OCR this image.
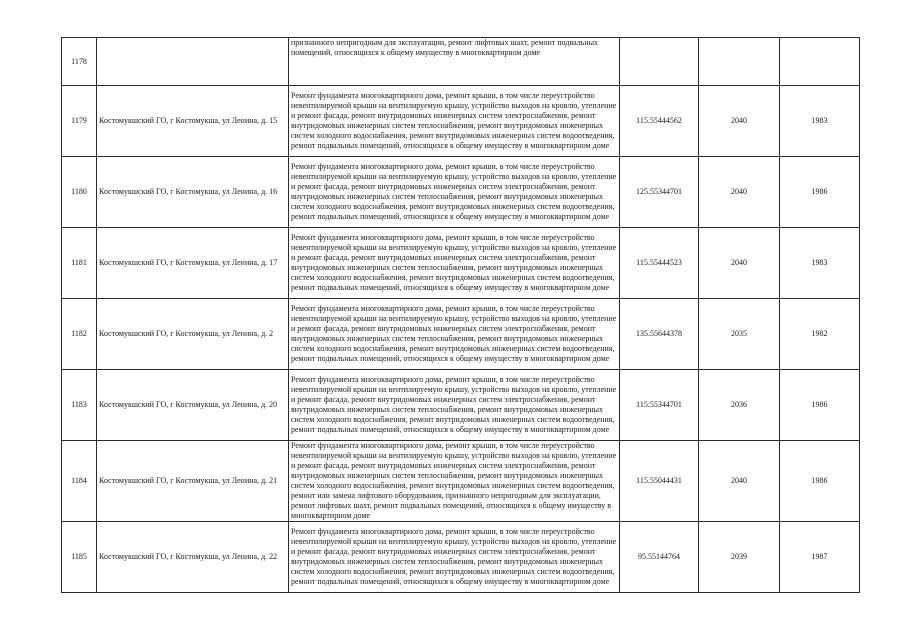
1178		признанного непригодным для эксплуатации, ремонт лифтовых шахт, ремонт подвальных помещений, относящихся к общему имуществу в многоквартирном доме			
1179	Костомукшский ГО, г Костомукша, ул Ленина, д. 15	Ремонт фундамента многоквартирного дома, ремонт крыши, в том числе переустройство невентилируемой крыши на вентилируемую крышу, устройство выходов на кровлю, утепление и ремонт фасада, ремонт внутридомовых инженерных систем электроснабжения, ремонт внутридомовых инженерных систем теплоснабжения, ремонт внутридомовых инженерных систем холодного водоснабжения, ремонт внутридомовых инженерных систем водоотведения, ремонт подвальных помещений, относящихся к общему имуществу в многоквартирном доме	115.55444562	2040	1983
1180	Костомукшский ГО, г Костомукша, ул Ленина, д. 16	Ремонт фундамента многоквартирного дома, ремонт крыши, в том числе переустройство невентилируемой крыши на вентилируемую крышу, устройство выходов на кровлю, утепление и ремонт фасада, ремонт внутридомовых инженерных систем электроснабжения, ремонт внутридомовых инженерных систем теплоснабжения, ремонт внутридомовых инженерных систем холодного водоснабжения, ремонт внутридомовых инженерных систем водоотведения, ремонт подвальных помещений, относящихся к общему имуществу в многоквартирном доме	125.55344701	2040	1986
1181	Костомукшский ГО, г Костомукша, ул Ленина, д. 17	Ремонт фундамента многоквартирного дома, ремонт крыши, в том числе переустройство невентилируемой крыши на вентилируемую крышу, устройство выходов на кровлю, утепление и ремонт фасада, ремонт внутридомовых инженерных систем электроснабжения, ремонт внутридомовых инженерных систем теплоснабжения, ремонт внутридомовых инженерных систем холодного водоснабжения, ремонт внутридомовых инженерных систем водоотведения, ремонт подвальных помещений, относящихся к общему имуществу в многоквартирном доме	115.55444523	2040	1983
1182	Костомукшский ГО, г Костомукша, ул Ленина, д. 2	Ремонт фундамента многоквартирного дома, ремонт крыши, в том числе переустройство невентилируемой крыши на вентилируемую крышу, устройство выходов на кровлю, утепление и ремонт фасада, ремонт внутридомовых инженерных систем электроснабжения, ремонт внутридомовых инженерных систем теплоснабжения, ремонт внутридомовых инженерных систем холодного водоснабжения, ремонт внутридомовых инженерных систем водоотведения, ремонт подвальных помещений, относящихся к общему имуществу в многоквартирном доме	135.55644378	2035	1982
1183	Костомукшский ГО, г Костомукша, ул Ленина, д. 20	Ремонт фундамента многоквартирного дома, ремонт крыши, в том числе переустройство невентилируемой крыши на вентилируемую крышу, устройство выходов на кровлю, утепление и ремонт фасада, ремонт внутридомовых инженерных систем электроснабжения, ремонт внутридомовых инженерных систем теплоснабжения, ремонт внутридомовых инженерных систем холодного водоснабжения, ремонт внутридомовых инженерных систем водоотведения, ремонт подвальных помещений, относящихся к общему имуществу в многоквартирном доме	115.55344701	2036	1986
1184	Костомукшский ГО, г Костомукша, ул Ленина, д. 21	Ремонт фундамента многоквартирного дома, ремонт крыши, в том числе переустройство невентилируемой крыши на вентилируемую крышу, устройство выходов на кровлю, утепление и ремонт фасада, ремонт внутридомовых инженерных систем электроснабжения, ремонт внутридомовых инженерных систем теплоснабжения, ремонт внутридомовых инженерных систем холодного водоснабжения, ремонт внутридомовых инженерных систем водоотведения, ремонт или замена лифтового оборудования, признанного непригодным для эксплуатации, ремонт лифтовых шахт, ремонт подвальных помещений, относящихся к общему имуществу в многоквартирном доме	115.55044431	2040	1986
1185	Костомукшский ГО, г Костомукша, ул Ленина, д. 22	Ремонт фундамента многоквартирного дома, ремонт крыши, в том числе переустройство невентилируемой крыши на вентилируемую крышу, устройство выходов на кровлю, утепление и ремонт фасада, ремонт внутридомовых инженерных систем электроснабжения, ремонт внутридомовых инженерных систем теплоснабжения, ремонт внутридомовых инженерных систем холодного водоснабжения, ремонт внутридомовых инженерных систем водоотведения, ремонт подвальных помещений, относящихся к общему имуществу в многоквартирном доме	95.55144764	2039	1987
